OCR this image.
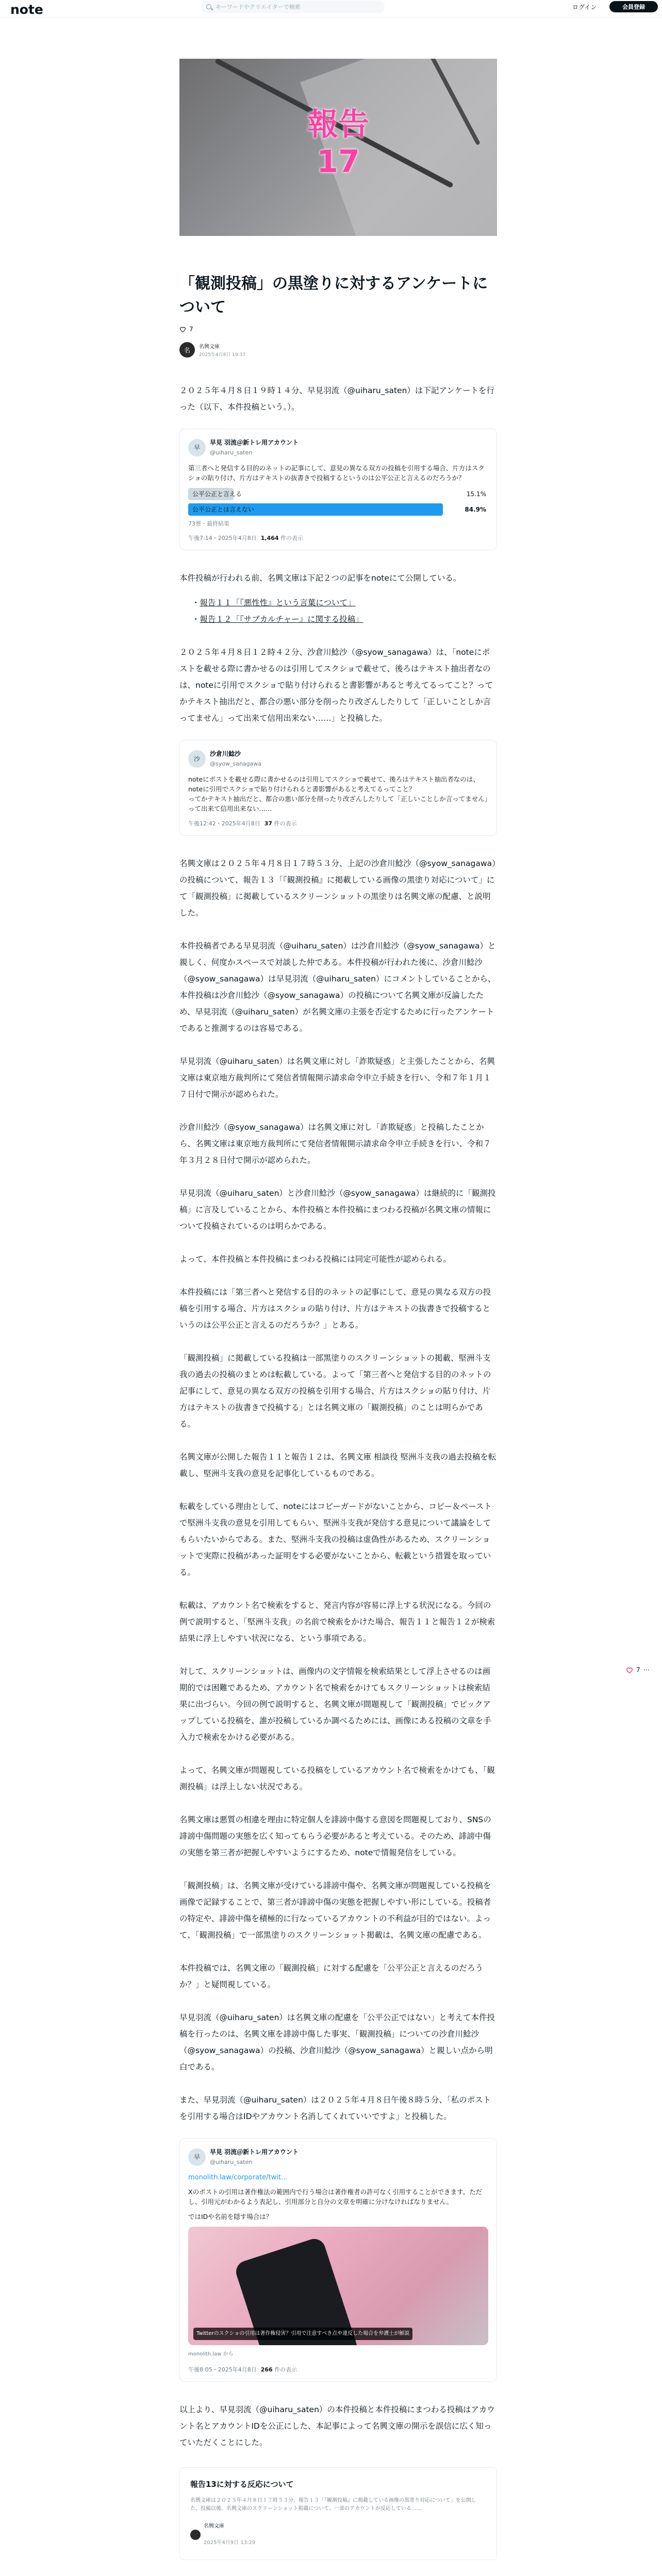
note
キーワードやクリエイターで検索	ログイン	会員登録
報告
17
「観測投稿」の黒塗りに対するアンケートについて
7
名	名興文庫
2025年4月8日 19:37

２０２５年４月８日１９時１４分、早見羽流（@uiharu_saten）は下記アンケートを行った（以下、本件投稿という。）。

早
早見 羽流＠新トレ用アカウント
@uiharu_saten
第三者へと発信する目的のネットの記事にして、意見の異なる双方の投稿を引用する場合、片方はスクショの貼り付け、片方はテキストの抜書きで投稿するというのは公平公正と言えるのだろうか？
公平公正と言える	15.1%
公平公正とは言えない	84.9%
73票・最終結果
午後7:14・2025年4月8日 1,464 件の表示

本件投稿が行われる前、名興文庫は下記２つの記事をnoteにて公開している。

・ 報告１１「『悪性性』という言葉について」
・ 報告１２「『サブカルチャー』に関する投稿」

２０２５年４月８日１２時４２分、沙倉川鯰沙（@syow_sanagawa）は、「noteにポストを載せる際に書かせるのは引用してスクショで載せて、後ろはテキスト抽出者なのは、noteに引用でスクショで貼り付けられると書影響があると考えてるってこと？ってかテキスト抽出だと、都合の悪い部分を削ったり改ざんしたりして「正しいことしか言ってません」って出来て信用出来ない……」と投稿した。

沙
沙倉川鯰沙
@syow_sanagawa
noteにポストを載せる際に書かせるのは引用してスクショで載せて、後ろはテキスト抽出者なのは、noteに引用でスクショで貼り付けられると書影響があると考えてるってこと？
ってかテキスト抽出だと、都合の悪い部分を削ったり改ざんしたりして「正しいことしか言ってません」って出来て信用出来ない……
午後12:42・2025年4月8日 37 件の表示

名興文庫は２０２５年４月８日１７時５３分、上記の沙倉川鯰沙（@syow_sanagawa）の投稿について、報告１３「『観測投稿』に掲載している画像の黒塗り対応について」にて「観測投稿」に掲載しているスクリーンショットの黒塗りは名興文庫の配慮、と説明した。

本件投稿者である早見羽流（@uiharu_saten）は沙倉川鯰沙（@syow_sanagawa）と親しく、何度かスペースで対談した仲である。本件投稿が行われた後に、沙倉川鯰沙（@syow_sanagawa）は早見羽流（@uiharu_saten）にコメントしていることから、本件投稿は沙倉川鯰沙（@syow_sanagawa）の投稿について名興文庫が反論したため、早見羽流（@uiharu_saten）が名興文庫の主張を否定するために行ったアンケートであると推測するのは容易である。

早見羽流（@uiharu_saten）は名興文庫に対し「詐欺疑惑」と主張したことから、名興文庫は東京地方裁判所にて発信者情報開示請求命令申立手続きを行い、令和７年１月１７日付で開示が認められた。

沙倉川鯰沙（@syow_sanagawa）は名興文庫に対し「詐欺疑惑」と投稿したことから、名興文庫は東京地方裁判所にて発信者情報開示請求命令申立手続きを行い、令和７年３月２８日付で開示が認められた。

早見羽流（@uiharu_saten）と沙倉川鯰沙（@syow_sanagawa）は継続的に「観測投稿」に言及していることから、本件投稿と本件投稿にまつわる投稿が名興文庫の情報について投稿されているのは明らかである。

よって、本件投稿と本件投稿にまつわる投稿には同定可能性が認められる。

本件投稿には「第三者へと発信する目的のネットの記事にして、意見の異なる双方の投稿を引用する場合、片方はスクショの貼り付け、片方はテキストの抜書きで投稿するというのは公平公正と言えるのだろうか？」とある。

「観測投稿」に掲載している投稿は一部黒塗りのスクリーンショットの掲載、堅洲斗支我の過去の投稿のまとめは転載している。よって「第三者へと発信する目的のネットの記事にして、意見の異なる双方の投稿を引用する場合、片方はスクショの貼り付け、片方はテキストの抜書きで投稿する」とは名興文庫の「観測投稿」のことは明らかである。

名興文庫が公開した報告１１と報告１２は、名興文庫 相談役 堅洲斗支我の過去投稿を転載し、堅洲斗支我の意見を記事化しているものである。

転載をしている理由として、noteにはコピーガードがないことから、コピー＆ペーストで堅洲斗支我の意見を引用してもらい、堅洲斗支我が発信する意見について議論をしてもらいたいからである。また、堅洲斗支我の投稿は虚偽性があるため、スクリーンショットで実際に投稿があった証明をする必要がないことから、転載という措置を取っている。

転載は、アカウント名で検索をすると、発言内容が容易に浮上する状況になる。今回の例で説明すると、「堅洲斗支我」の名前で検索をかけた場合、報告１１と報告１２が検索結果に浮上しやすい状況になる、という事項である。

対して、スクリーンショットは、画像内の文字情報を検索結果として浮上させるのは画期的では困難であるため、アカウント名で検索をかけてもスクリーンショットは検索結果に出づらい。今回の例で説明すると、名興文庫が間題視して「観測投稿」でピックアップしている投稿を、誰が投稿しているか調べるためには、画像にある投稿の文章を手入力で検索をかける必要がある。

よって、名興文庫が問題視している投稿をしているアカウント名で検索をかけても、「観測投稿」は浮上しない状況である。

名興文庫は悪質の相違を理由に特定個人を誹謗中傷する意図を問題視しており、SNSの誹謗中傷問題の実態を広く知ってもらう必要があると考えている。そのため、誹謗中傷の実態を第三者が把握しやすいようにするため、noteで情報発信をしている。

「観測投稿」は、名興文庫が受けている誹謗中傷や、名興文庫が問題視している投稿を画像で記録することで、第三者が誹謗中傷の実態を把握しやすい形にしている。投稿者の特定や、誹謗中傷を積極的に行なっているアカウントの不利益が目的ではない。よって、「観測投稿」で一部黒塗りのスクリーンショット掲載は、名興文庫の配慮である。

本件投稿では、名興文庫の「観測投稿」に対する配慮を「公平公正と言えるのだろうか？」と疑問視している。

早見羽流（@uiharu_saten）は名興文庫の配慮を「公平公正ではない」と考えて本件投稿を行ったのは、名興文庫を誹謗中傷した事実、「観測投稿」についての沙倉川鯰沙（@syow_sanagawa）の投稿、沙倉川鯰沙（@syow_sanagawa）と親しい点から明白である。

また、早見羽流（@uiharu_saten）は２０２５年４月８日午後８時５分、「私のポストを引用する場合はIDやアカウント名消してくれていいですよ」と投稿した。

早
早見 羽流＠新トレ用アカウント
@uiharu_saten
monolith.law/corporate/twit...
Xのポストの引用は著作権法の範囲内で行う場合は著作権者の許可なく引用することができます。ただし、引用元がわかるよう表記し、引用部分と自分の文章を明確に分けなければなりません。
ではIDや名前を隠す場合は？
Twitterのスクショの引用は著作権侵害？引用で注意すべき点や違反した場合を弁護士が解説
monolith.law から
午後8:05・2025年4月8日 266 件の表示

以上より、早見羽流（@uiharu_saten）の本件投稿と本件投稿にまつわる投稿はアカウント名とアカウントIDを公正にした、本記事によって名興文庫の開示を誤信に広く知っていただくことにした。

報告13に対する反応について
名興文庫は２０２５年４月８日１７時５３分、報告１３「『観測投稿』に掲載している画像の黒塗り対応について」を公開した。投稿以後、名興文庫のスクリーンショット掲載について、一部のアカウントが反応している……
名興文庫
2025年4月9日 13:29
7 ⋯
